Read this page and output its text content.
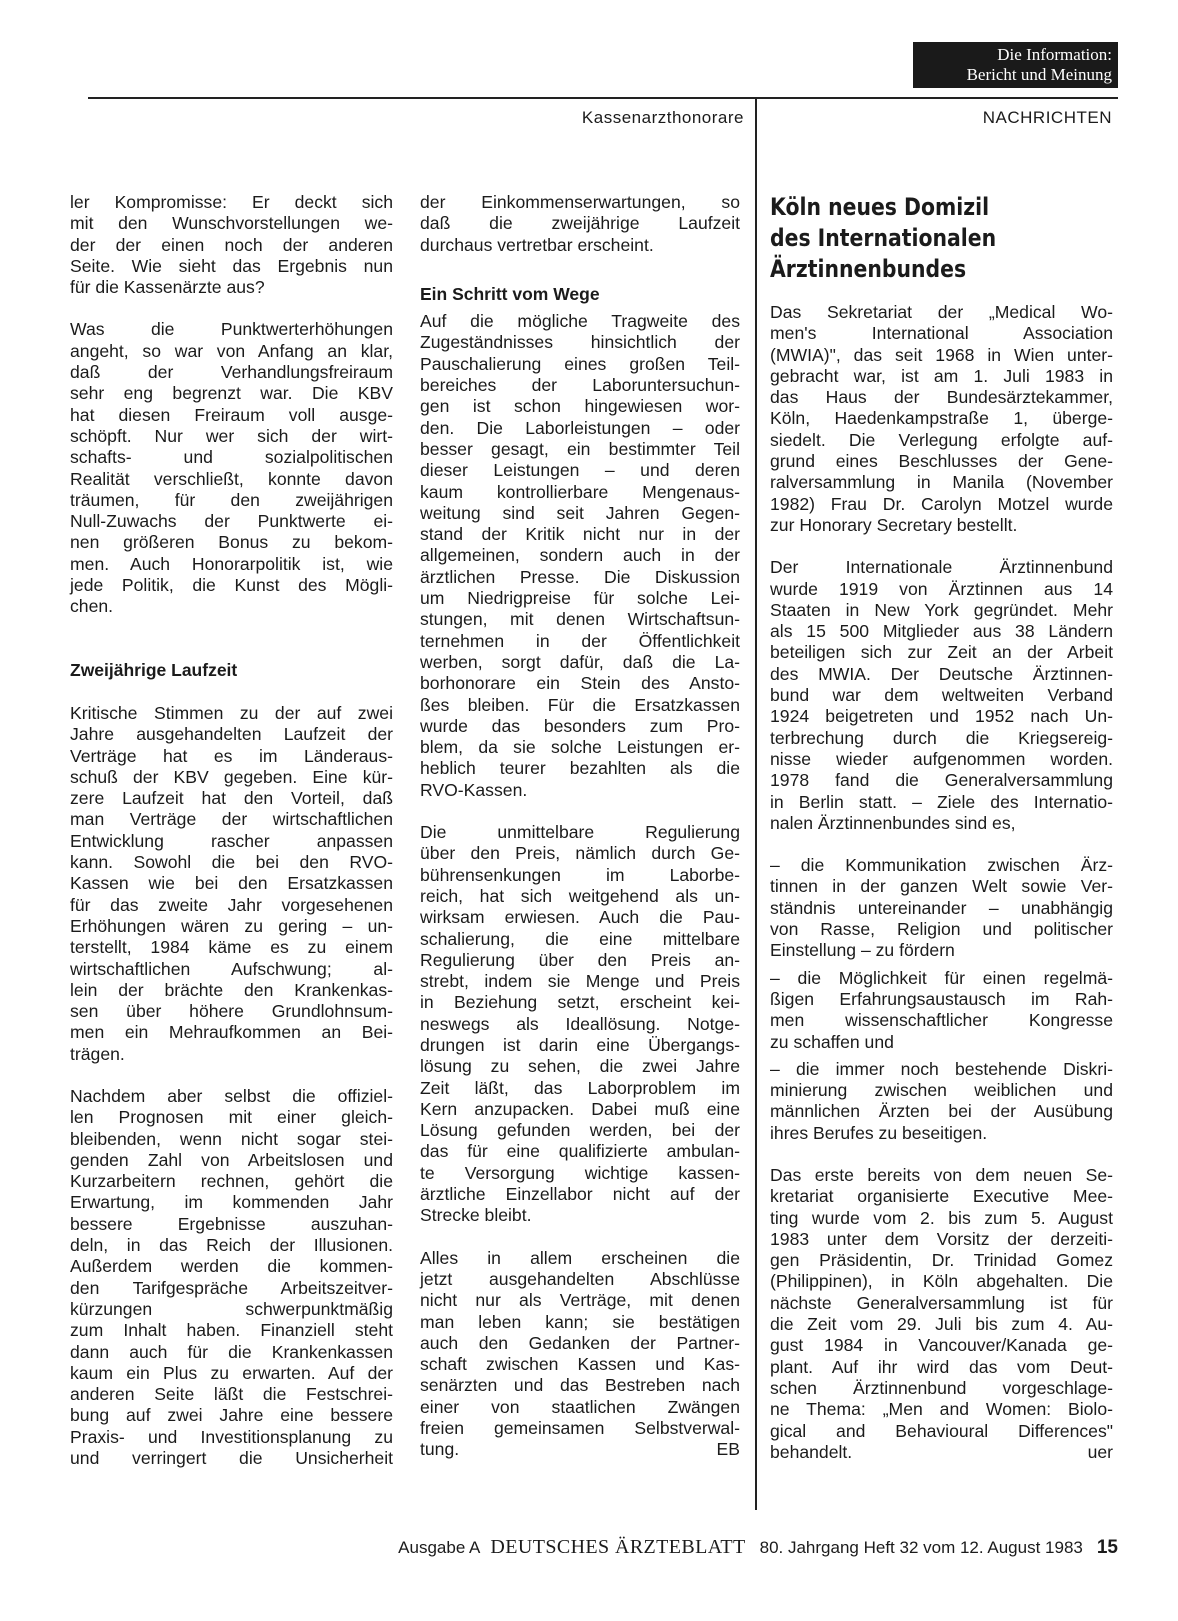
Die Information:
Bericht und Meinung
Kassenarzthonorare	NACHRICHTEN
ler Kompromisse: Er deckt sich
mit den Wunschvorstellungen we-
der der einen noch der anderen
Seite. Wie sieht das Ergebnis nun
für die Kassenärzte aus?
Was die Punktwerterhöhungen
angeht, so war von Anfang an klar,
daß der Verhandlungsfreiraum
sehr eng begrenzt war. Die KBV
hat diesen Freiraum voll ausge-
schöpft. Nur wer sich der wirt-
schafts- und sozialpolitischen
Realität verschließt, konnte davon
träumen, für den zweijährigen
Null-Zuwachs der Punktwerte ei-
nen größeren Bonus zu bekom-
men. Auch Honorarpolitik ist, wie
jede Politik, die Kunst des Mögli-
chen.
Zweijährige Laufzeit
Kritische Stimmen zu der auf zwei
Jahre ausgehandelten Laufzeit der
Verträge hat es im Länderaus-
schuß der KBV gegeben. Eine kür-
zere Laufzeit hat den Vorteil, daß
man Verträge der wirtschaftlichen
Entwicklung rascher anpassen
kann. Sowohl die bei den RVO-
Kassen wie bei den Ersatzkassen
für das zweite Jahr vorgesehenen
Erhöhungen wären zu gering – un-
terstellt, 1984 käme es zu einem
wirtschaftlichen Aufschwung; al-
lein der brächte den Krankenkas-
sen über höhere Grundlohnsum-
men ein Mehraufkommen an Bei-
trägen.
Nachdem aber selbst die offiziel-
len Prognosen mit einer gleich-
bleibenden, wenn nicht sogar stei-
genden Zahl von Arbeitslosen und
Kurzarbeitern rechnen, gehört die
Erwartung, im kommenden Jahr
bessere Ergebnisse auszuhan-
deln, in das Reich der Illusionen.
Außerdem werden die kommen-
den Tarifgespräche Arbeitszeitver-
kürzungen schwerpunktmäßig
zum Inhalt haben. Finanziell steht
dann auch für die Krankenkassen
kaum ein Plus zu erwarten. Auf der
anderen Seite läßt die Festschrei-
bung auf zwei Jahre eine bessere
Praxis- und Investitionsplanung zu
und verringert die Unsicherheit
der Einkommenserwartungen, so
daß die zweijährige Laufzeit
durchaus vertretbar erscheint.
Ein Schritt vom Wege
Auf die mögliche Tragweite des
Zugeständnisses hinsichtlich der
Pauschalierung eines großen Teil-
bereiches der Laboruntersuchun-
gen ist schon hingewiesen wor-
den. Die Laborleistungen – oder
besser gesagt, ein bestimmter Teil
dieser Leistungen – und deren
kaum kontrollierbare Mengenaus-
weitung sind seit Jahren Gegen-
stand der Kritik nicht nur in der
allgemeinen, sondern auch in der
ärztlichen Presse. Die Diskussion
um Niedrigpreise für solche Lei-
stungen, mit denen Wirtschaftsun-
ternehmen in der Öffentlichkeit
werben, sorgt dafür, daß die La-
borhonorare ein Stein des Ansto-
ßes bleiben. Für die Ersatzkassen
wurde das besonders zum Pro-
blem, da sie solche Leistungen er-
heblich teurer bezahlten als die
RVO-Kassen.
Die unmittelbare Regulierung
über den Preis, nämlich durch Ge-
bührensenkungen im Laborbe-
reich, hat sich weitgehend als un-
wirksam erwiesen. Auch die Pau-
schalierung, die eine mittelbare
Regulierung über den Preis an-
strebt, indem sie Menge und Preis
in Beziehung setzt, erscheint kei-
neswegs als Ideallösung. Notge-
drungen ist darin eine Übergangs-
lösung zu sehen, die zwei Jahre
Zeit läßt, das Laborproblem im
Kern anzupacken. Dabei muß eine
Lösung gefunden werden, bei der
das für eine qualifizierte ambulan-
te Versorgung wichtige kassen-
ärztliche Einzellabor nicht auf der
Strecke bleibt.
Alles in allem erscheinen die
jetzt ausgehandelten Abschlüsse
nicht nur als Verträge, mit denen
man leben kann; sie bestätigen
auch den Gedanken der Partner-
schaft zwischen Kassen und Kas-
senärzten und das Bestreben nach
einer von staatlichen Zwängen
freien gemeinsamen Selbstverwal-
tung.	EB
Köln neues Domizil
des Internationalen
Ärztinnenbundes
Das Sekretariat der „Medical Wo-
men's International Association
(MWIA)", das seit 1968 in Wien unter-
gebracht war, ist am 1. Juli 1983 in
das Haus der Bundesärztekammer,
Köln, Haedenkampstraße 1, überge-
siedelt. Die Verlegung erfolgte auf-
grund eines Beschlusses der Gene-
ralversammlung in Manila (November
1982) Frau Dr. Carolyn Motzel wurde
zur Honorary Secretary bestellt.
Der Internationale Ärztinnenbund
wurde 1919 von Ärztinnen aus 14
Staaten in New York gegründet. Mehr
als 15 500 Mitglieder aus 38 Ländern
beteiligen sich zur Zeit an der Arbeit
des MWIA. Der Deutsche Ärztinnen-
bund war dem weltweiten Verband
1924 beigetreten und 1952 nach Un-
terbrechung durch die Kriegsereig-
nisse wieder aufgenommen worden.
1978 fand die Generalversammlung
in Berlin statt. – Ziele des Internatio-
nalen Ärztinnenbundes sind es,
– die Kommunikation zwischen Ärz-
tinnen in der ganzen Welt sowie Ver-
ständnis untereinander – unabhängig
von Rasse, Religion und politischer
Einstellung – zu fördern
– die Möglichkeit für einen regelmä-
ßigen Erfahrungsaustausch im Rah-
men wissenschaftlicher Kongresse
zu schaffen und
– die immer noch bestehende Diskri-
minierung zwischen weiblichen und
männlichen Ärzten bei der Ausübung
ihres Berufes zu beseitigen.
Das erste bereits von dem neuen Se-
kretariat organisierte Executive Mee-
ting wurde vom 2. bis zum 5. August
1983 unter dem Vorsitz der derzeiti-
gen Präsidentin, Dr. Trinidad Gomez
(Philippinen), in Köln abgehalten. Die
nächste Generalversammlung ist für
die Zeit vom 29. Juli bis zum 4. Au-
gust 1984 in Vancouver/Kanada ge-
plant. Auf ihr wird das vom Deut-
schen Ärztinnenbund vorgeschlage-
ne Thema: „Men and Women: Biolo-
gical and Behavioural Differences"
behandelt.	uer
Ausgabe A DEUTSCHES ÄRZTEBLATT 80. Jahrgang Heft 32 vom 12. August 1983 15
